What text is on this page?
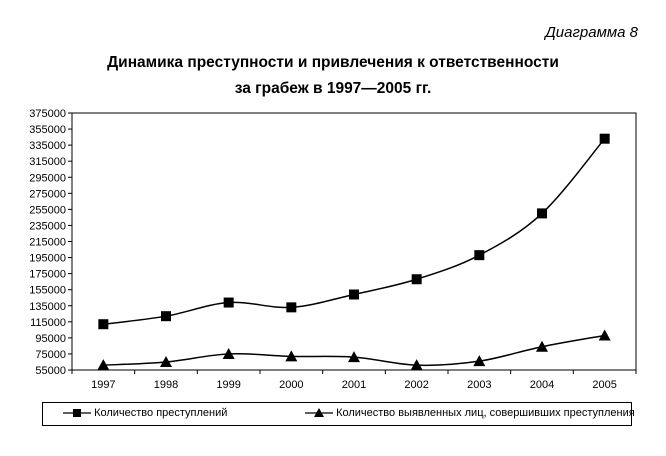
Диаграмма 8
Динамика преступности и привлечения к ответственности
за грабеж в 1997—2005 гг.
55000
75000
95000
115000
135000
155000
175000
195000
215000
235000
255000
275000
295000
315000
335000
355000
375000
1997	1998	1999	2000	2001	2002	2003	2004	2005
Количество преступлений	Количество выявленных лиц, совершивших преступления
